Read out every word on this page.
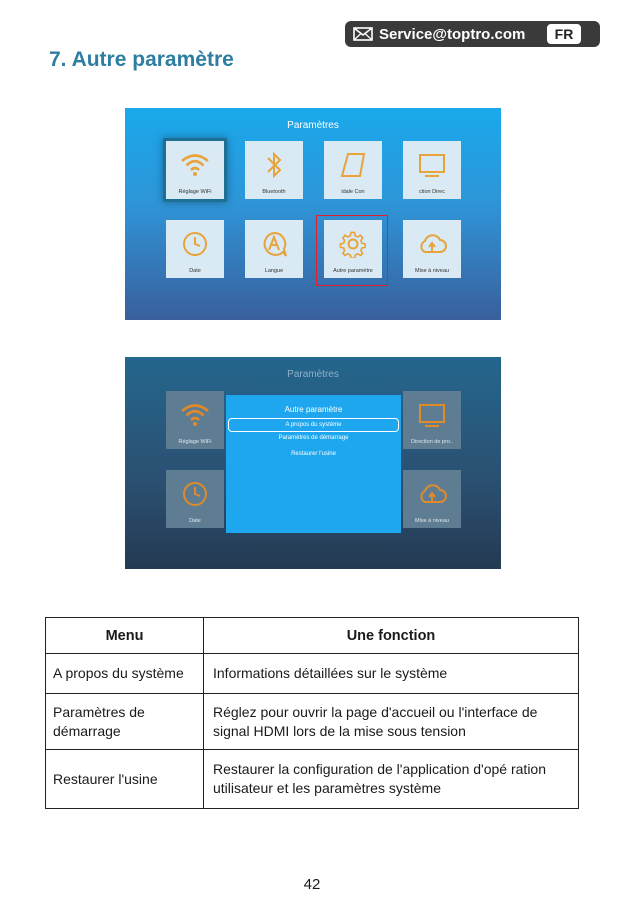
Service@toptro.com	FR
7. Autre paramètre
Paramètres
Réglage WiFi	Bluetooth	idale Con	ction Direc
Date	Langue	Autre paramètre	Mise à niveau
Paramètres
Réglage WiFi	Direction de pro..
Date	Mise à niveau
Autre paramètre
A propos du système
Paramètres de démarrage
Restaurer l'usine
Menu	Une fonction
A propos du système	Informations détaillées sur le système
Paramètres de démarrage	Réglez pour ouvrir la page d'accueil ou l'interface de signal HDMI lors de la mise sous tension
Restaurer l'usine	Restaurer la configuration de l'application d'opé ration utilisateur et les paramètres système
42
